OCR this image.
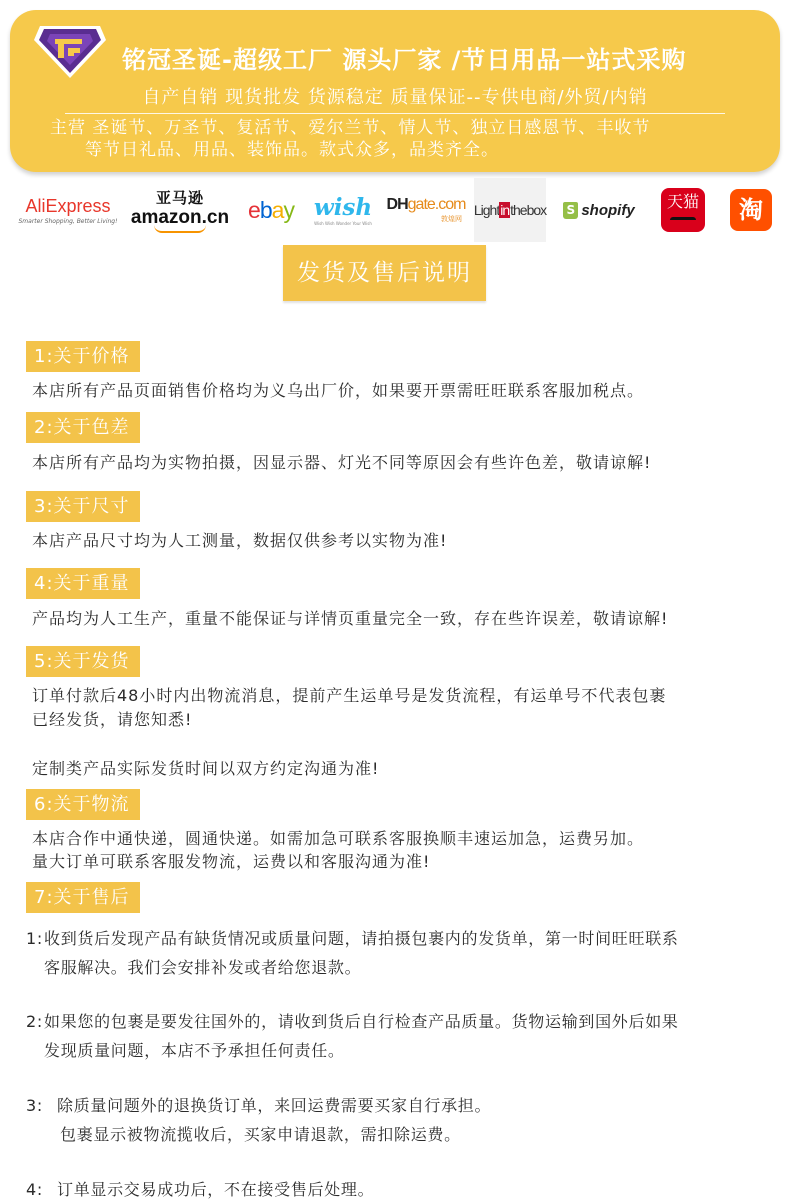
铭冠圣诞-超级工厂 源头厂家 /节日用品一站式采购
自产自销 现货批发 货源稳定 质量保证--专供电商/外贸/内销
主营 圣诞节、万圣节、复活节、爱尔兰节、情人节、独立日感恩节、丰收节
等节日礼品、用品、装饰品。款式众多，品类齐全。
AliExpress
Smarter Shopping, Better Living!
亚马逊
amazon.cn ebay wish
Wish Wish Wonder Your Wish
DHgate.com
敦煌网
Lightinthebox S shopify	天猫	淘
发货及售后说明
1:关于价格
本店所有产品页面销售价格均为义乌出厂价，如果要开票需旺旺联系客服加税点。
2:关于色差
本店所有产品均为实物拍摄，因显示器、灯光不同等原因会有些许色差，敬请谅解!
3:关于尺寸
本店产品尺寸均为人工测量，数据仅供参考以实物为准!
4:关于重量
产品均为人工生产，重量不能保证与详情页重量完全一致，存在些许误差，敬请谅解!
5:关于发货
订单付款后48小时内出物流消息，提前产生运单号是发货流程，有运单号不代表包裹
已经发货，请您知悉!
定制类产品实际发货时间以双方约定沟通为准!
6:关于物流
本店合作中通快递，圆通快递。如需加急可联系客服换顺丰速运加急，运费另加。
量大订单可联系客服发物流，运费以和客服沟通为准!
7:关于售后
1: 收到货后发现产品有缺货情况或质量问题，请拍摄包裹内的发货单，第一时间旺旺联系
客服解决。我们会安排补发或者给您退款。
2: 如果您的包裹是要发往国外的，请收到货后自行检查产品质量。货物运输到国外后如果
发现质量问题，本店不予承担任何责任。
3: 除质量问题外的退换货订单，来回运费需要买家自行承担。
包裹显示被物流揽收后，买家申请退款，需扣除运费。
4: 订单显示交易成功后，不在接受售后处理。
